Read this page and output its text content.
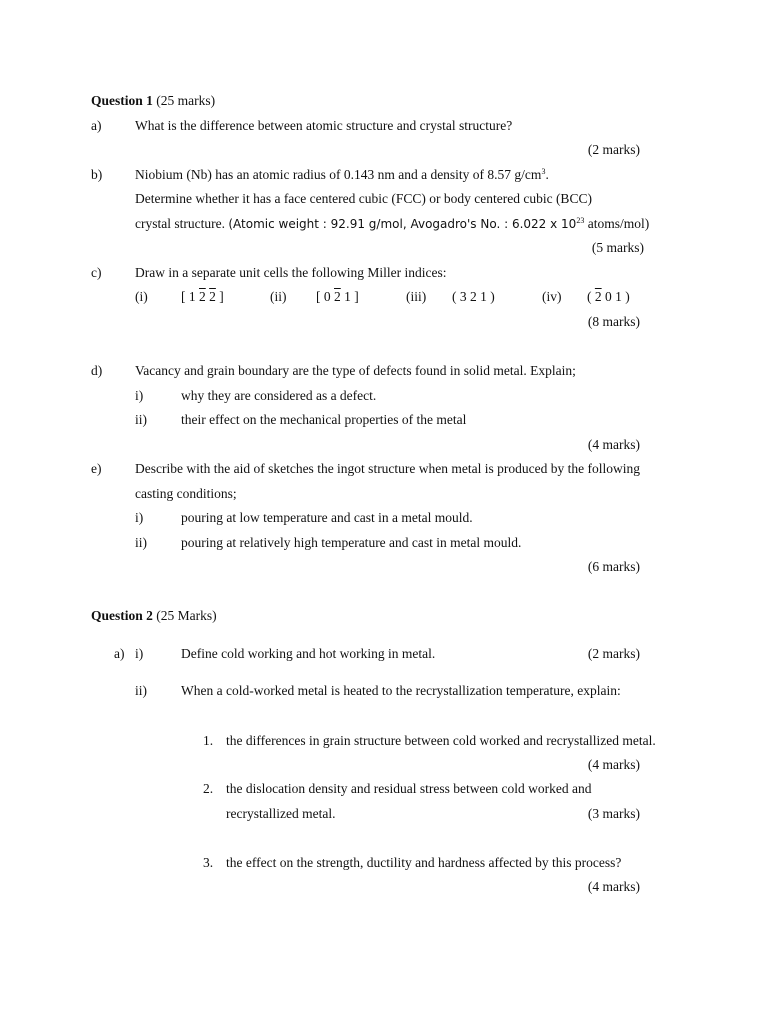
Question 1 (25 marks)
a) What is the difference between atomic structure and crystal structure?
(2 marks)
b) Niobium (Nb) has an atomic radius of 0.143 nm and a density of 8.57 $g/cm^3$.
Determine whether it has a face centered cubic (FCC) or body centered cubic (BCC)
crystal structure. (Atomic weight : 92.91 g/mol, Avogadro's No. : 6.022 x $10^{23}$ atoms/mol)
(5 marks)
c) Draw in a separate unit cells the following Miller indices:
(i) [ 1 2 2 ]	(ii) [ 0 2 1 ]	(iii) ( 3 2 1 )	(iv) ( 2 0 1 )
(8 marks)
d) Vacancy and grain boundary are the type of defects found in solid metal. Explain;
i)	why they are considered as a defect.
ii)	their effect on the mechanical properties of the metal
(4 marks)
e) Describe with the aid of sketches the ingot structure when metal is produced by the following
casting conditions;
i)	pouring at low temperature and cast in a metal mould.
ii)	pouring at relatively high temperature and cast in metal mould.
(6 marks)
Question 2 (25 Marks)
a) i)	Define cold working and hot working in metal.	(2 marks)
ii)	When a cold-worked metal is heated to the recrystallization temperature, explain:
1. the differences in grain structure between cold worked and recrystallized metal.
(4 marks)
2. the dislocation density and residual stress between cold worked and
recrystallized metal.	(3 marks)
3. the effect on the strength, ductility and hardness affected by this process?
(4 marks)
